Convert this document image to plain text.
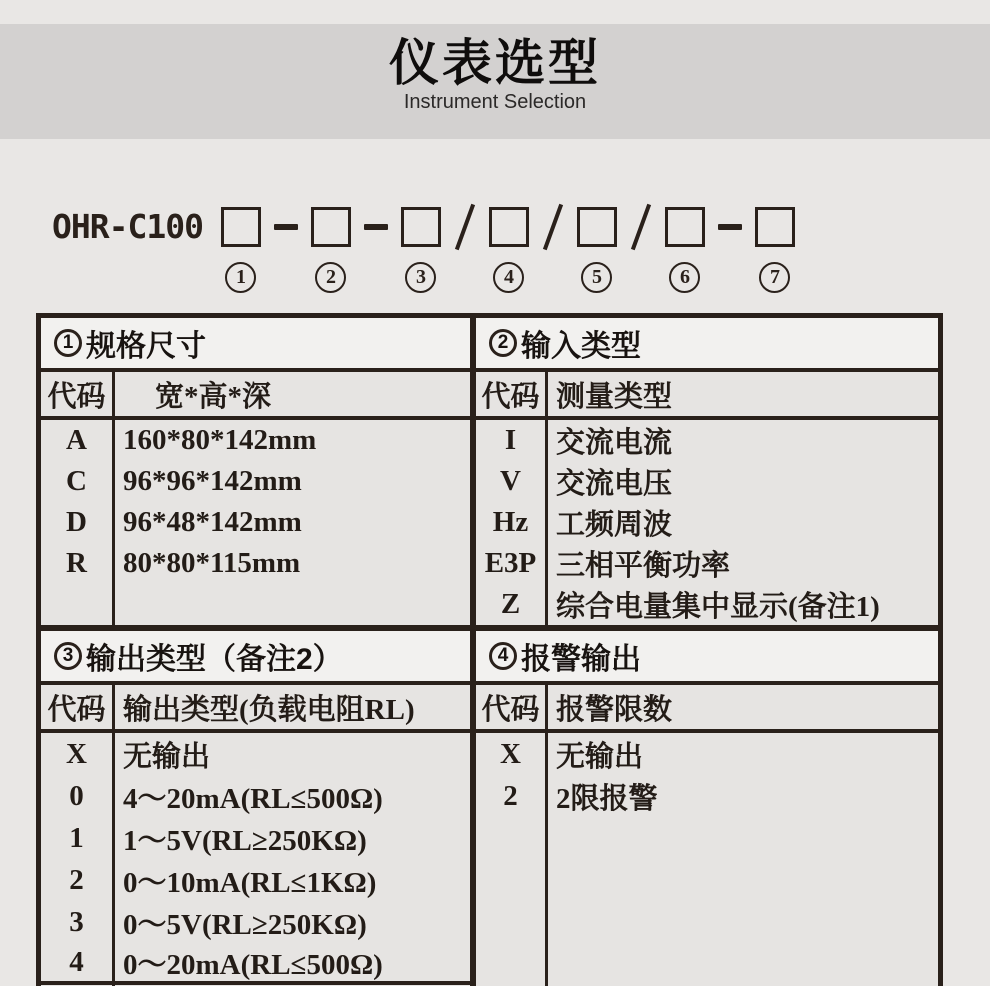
仪表选型
Instrument Selection
OHR-C100
1	2	3	4	5	6	7
1 规格尺寸
代码	宽*高*深
A	160*80*142mm
C	96*96*142mm
D	96*48*142mm
R	80*80*115mm
2 输入类型
代码 测量类型
I	交流电流
V	交流电压
Hz 工频周波
E3P 三相平衡功率
Z	综合电量集中显示(备注1)
3 输出类型（备注2）
代码 输出类型(负载电阻RL)
X	无输出
0	4～20mA(RL≤500Ω)
1	1～5V(RL≥250KΩ)
2	0～10mA(RL≤1KΩ)
3	0～5V(RL≥250KΩ)
4	0～20mA(RL≤500Ω)
4 报警输出
代码 报警限数
X	无输出
2	2限报警
